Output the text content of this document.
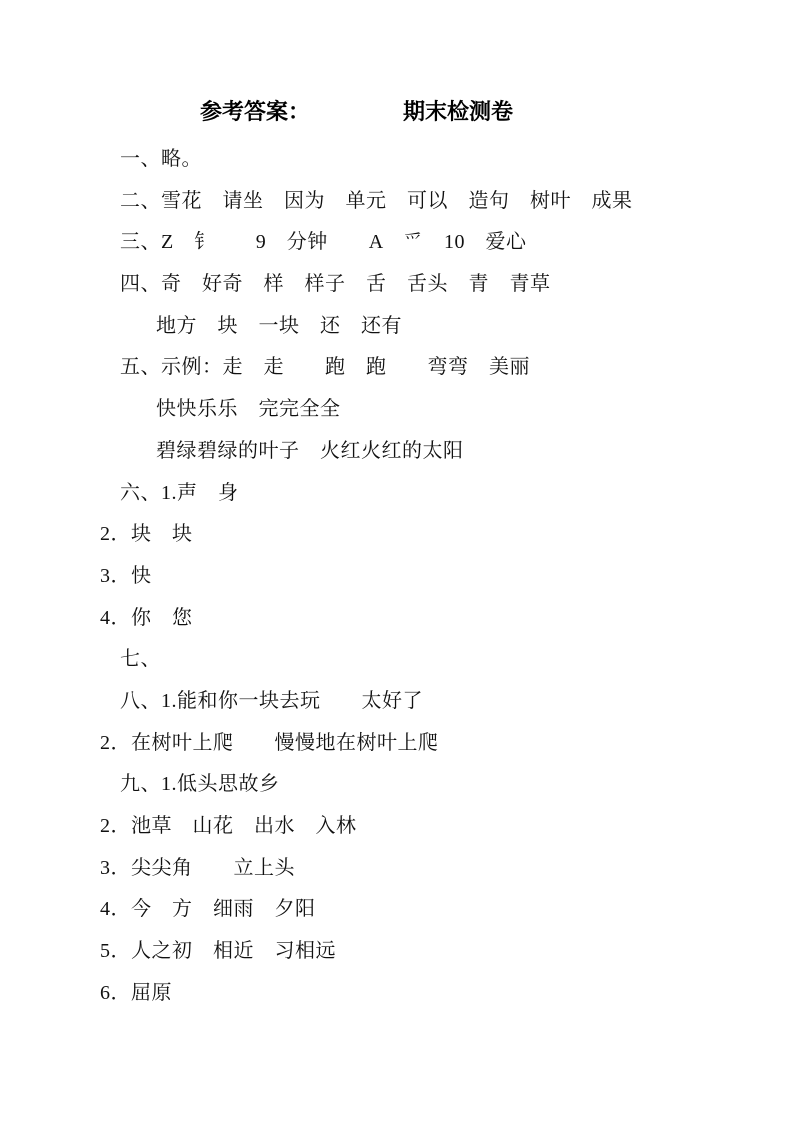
参考答案：	期末检测卷
一、略。
二、雪花　请坐　因为　单元　可以　造句　树叶　成果
三、Z　钅　　9　分钟　　A　爫　10　爱心
四、奇　好奇　样　样子　舌　舌头　青　青草
地方　块　一块　还　还有
五、示例：走　走　　跑　跑　　弯弯　美丽
快快乐乐　完完全全
碧绿碧绿的叶子　火红火红的太阳
六、1.声　身
2．块　块
3．快
4．你　您
七、
八、1.能和你一块去玩　　太好了
2．在树叶上爬　　慢慢地在树叶上爬
九、1.低头思故乡
2．池草　山花　出水　入林
3．尖尖角　　立上头
4．今　方　细雨　夕阳
5．人之初　相近　习相远
6．屈原
